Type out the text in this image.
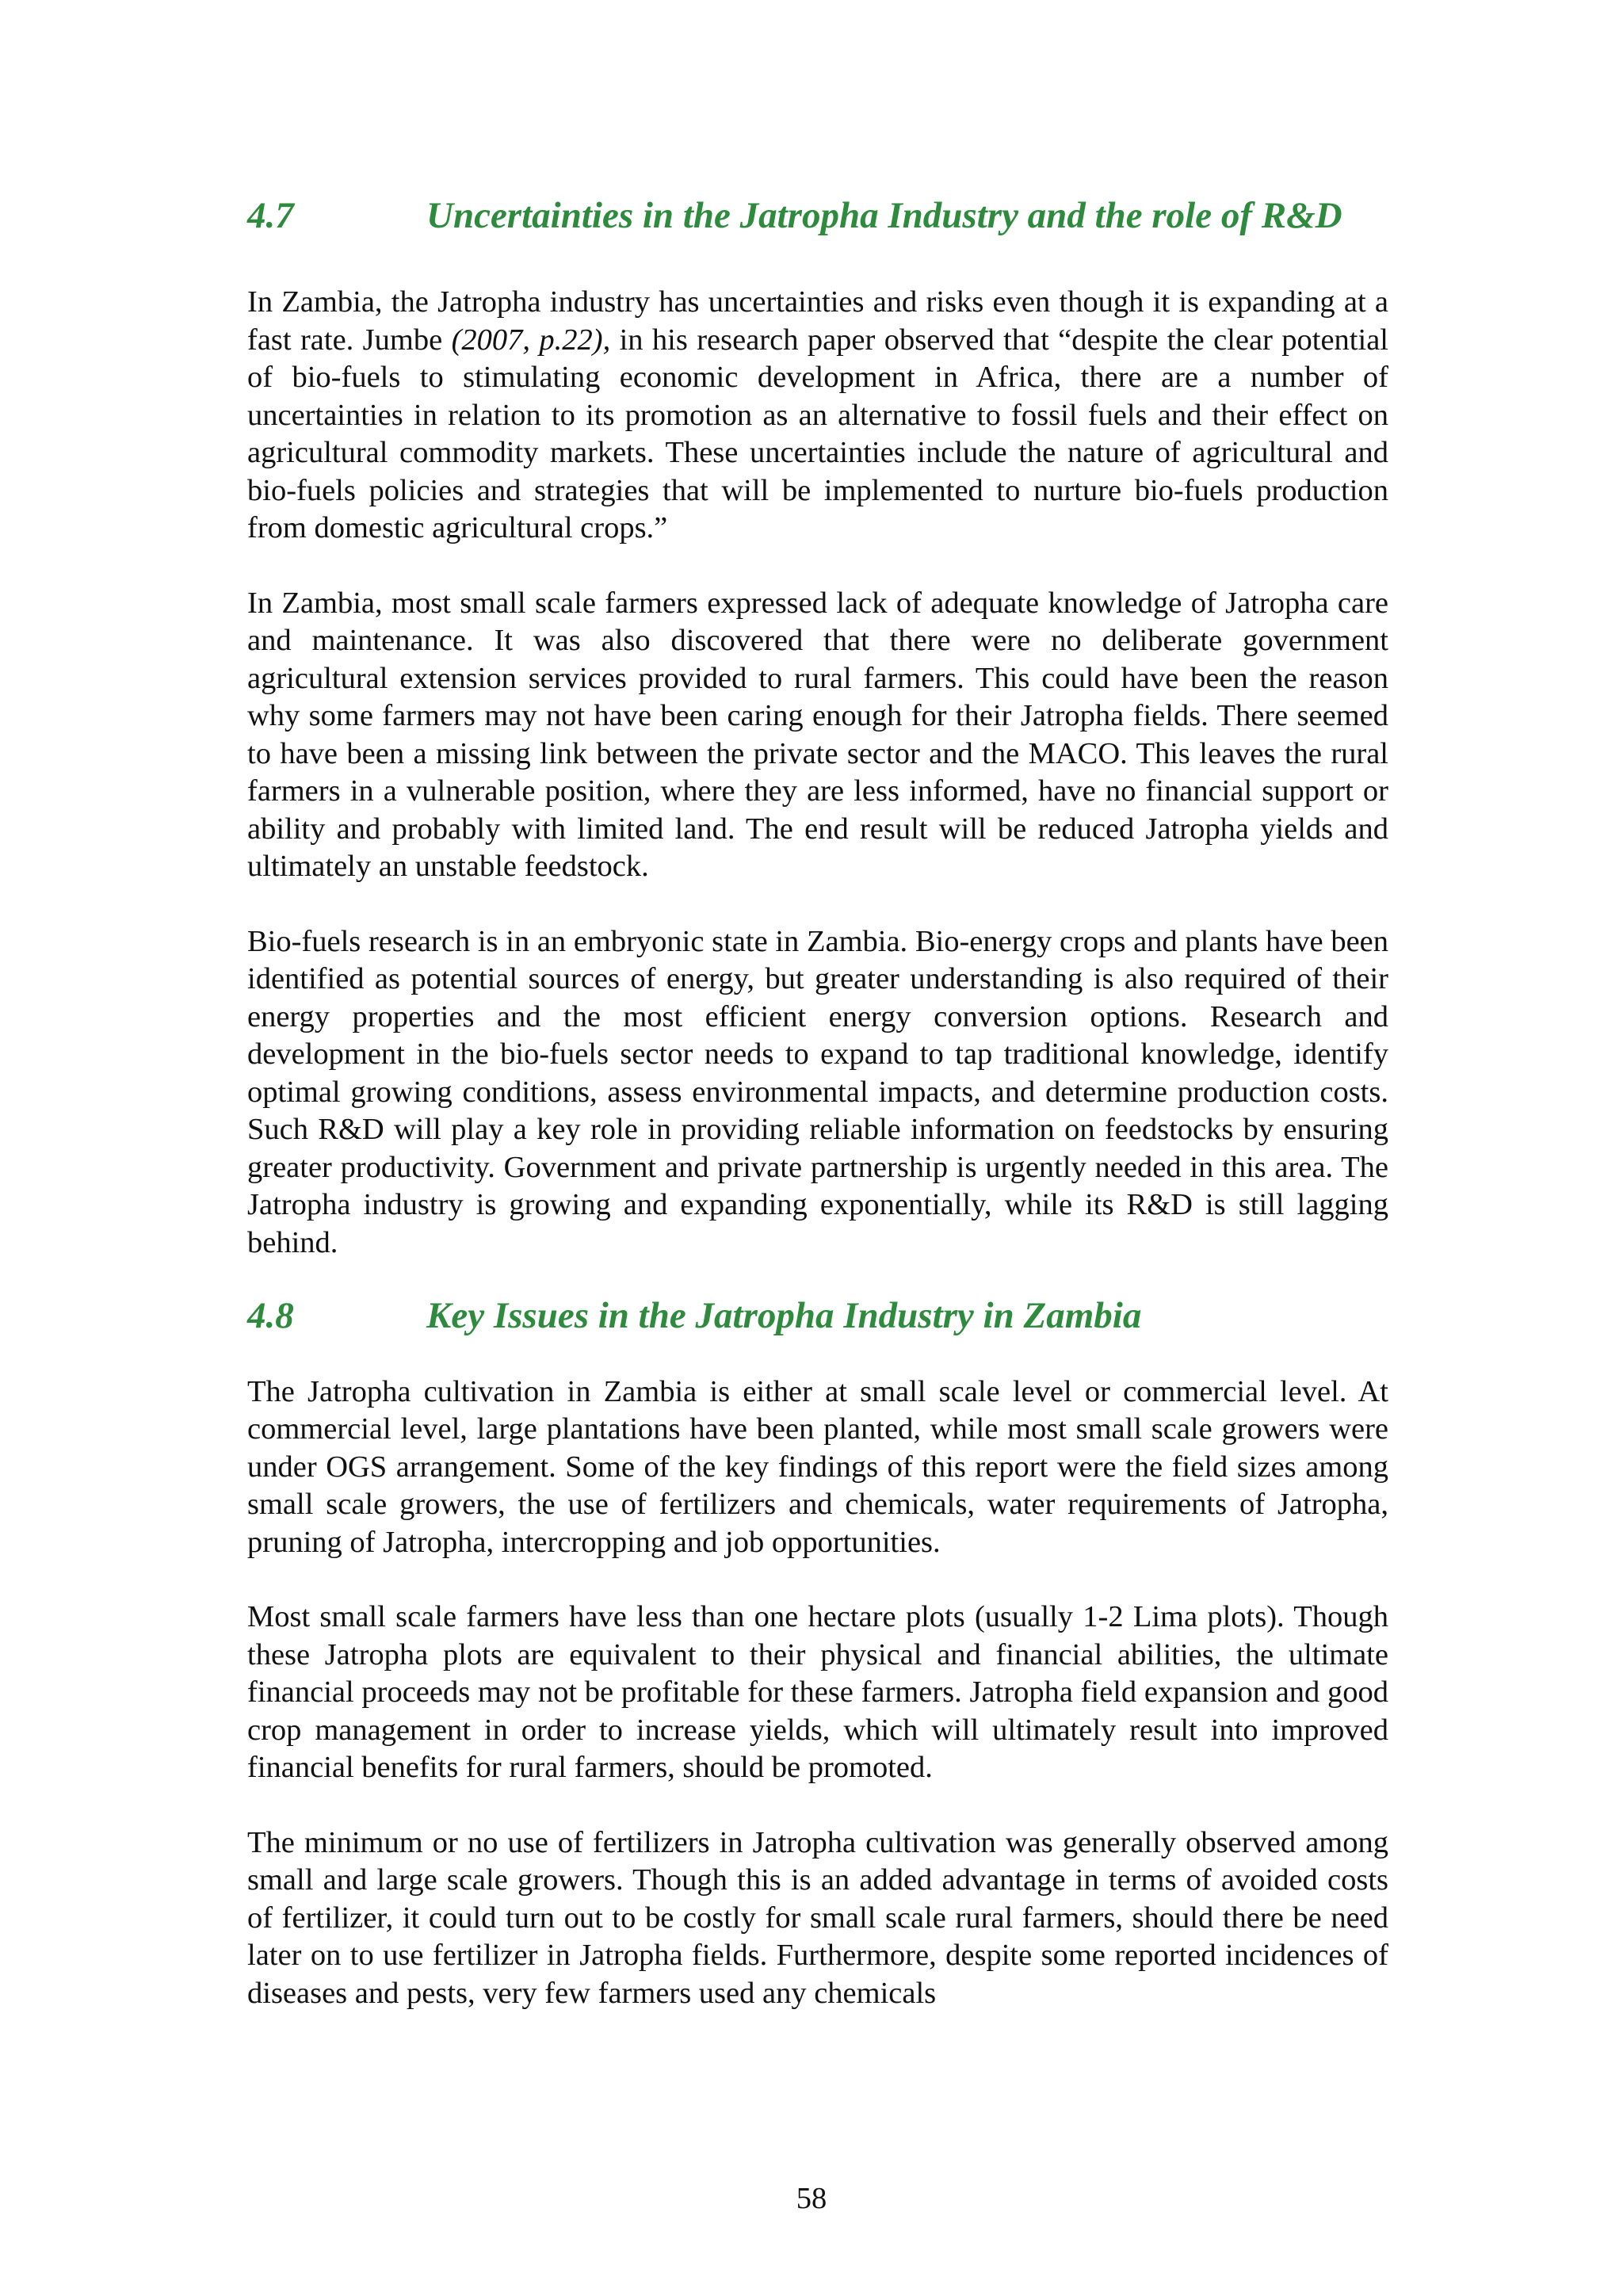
4.7	Uncertainties in the Jatropha Industry and the role of R&D

In Zambia, the Jatropha industry has uncertainties and risks even though it is expanding at a fast rate. Jumbe (2007, p.22), in his research paper observed that “despite the clear potential of bio-fuels to stimulating economic development in Africa, there are a number of uncertainties in relation to its promotion as an alternative to fossil fuels and their effect on agricultural commodity markets. These uncertainties include the nature of agricultural and bio-fuels policies and strategies that will be implemented to nurture bio-fuels production from domestic agricultural crops.”

In Zambia, most small scale farmers expressed lack of adequate knowledge of Jatropha care and maintenance. It was also discovered that there were no deliberate government agricultural extension services provided to rural farmers. This could have been the reason why some farmers may not have been caring enough for their Jatropha fields. There seemed to have been a missing link between the private sector and the MACO. This leaves the rural farmers in a vulnerable position, where they are less informed, have no financial support or ability and probably with limited land. The end result will be reduced Jatropha yields and ultimately an unstable feedstock.

Bio-fuels research is in an embryonic state in Zambia. Bio-energy crops and plants have been identified as potential sources of energy, but greater understanding is also required of their energy properties and the most efficient energy conversion options. Research and development in the bio-fuels sector needs to expand to tap traditional knowledge, identify optimal growing conditions, assess environmental impacts, and determine production costs. Such R&D will play a key role in providing reliable information on feedstocks by ensuring greater productivity. Government and private partnership is urgently needed in this area. The Jatropha industry is growing and expanding exponentially, while its R&D is still lagging behind.

4.8	Key Issues in the Jatropha Industry in Zambia

The Jatropha cultivation in Zambia is either at small scale level or commercial level. At commercial level, large plantations have been planted, while most small scale growers were under OGS arrangement. Some of the key findings of this report were the field sizes among small scale growers, the use of fertilizers and chemicals, water requirements of Jatropha, pruning of Jatropha, intercropping and job opportunities.

Most small scale farmers have less than one hectare plots (usually 1-2 Lima plots). Though these Jatropha plots are equivalent to their physical and financial abilities, the ultimate financial proceeds may not be profitable for these farmers. Jatropha field expansion and good crop management in order to increase yields, which will ultimately result into improved financial benefits for rural farmers, should be promoted.

The minimum or no use of fertilizers in Jatropha cultivation was generally observed among small and large scale growers. Though this is an added advantage in terms of avoided costs of fertilizer, it could turn out to be costly for small scale rural farmers, should there be need later on to use fertilizer in Jatropha fields. Furthermore, despite some reported incidences of diseases and pests, very few farmers used any chemicals

58
